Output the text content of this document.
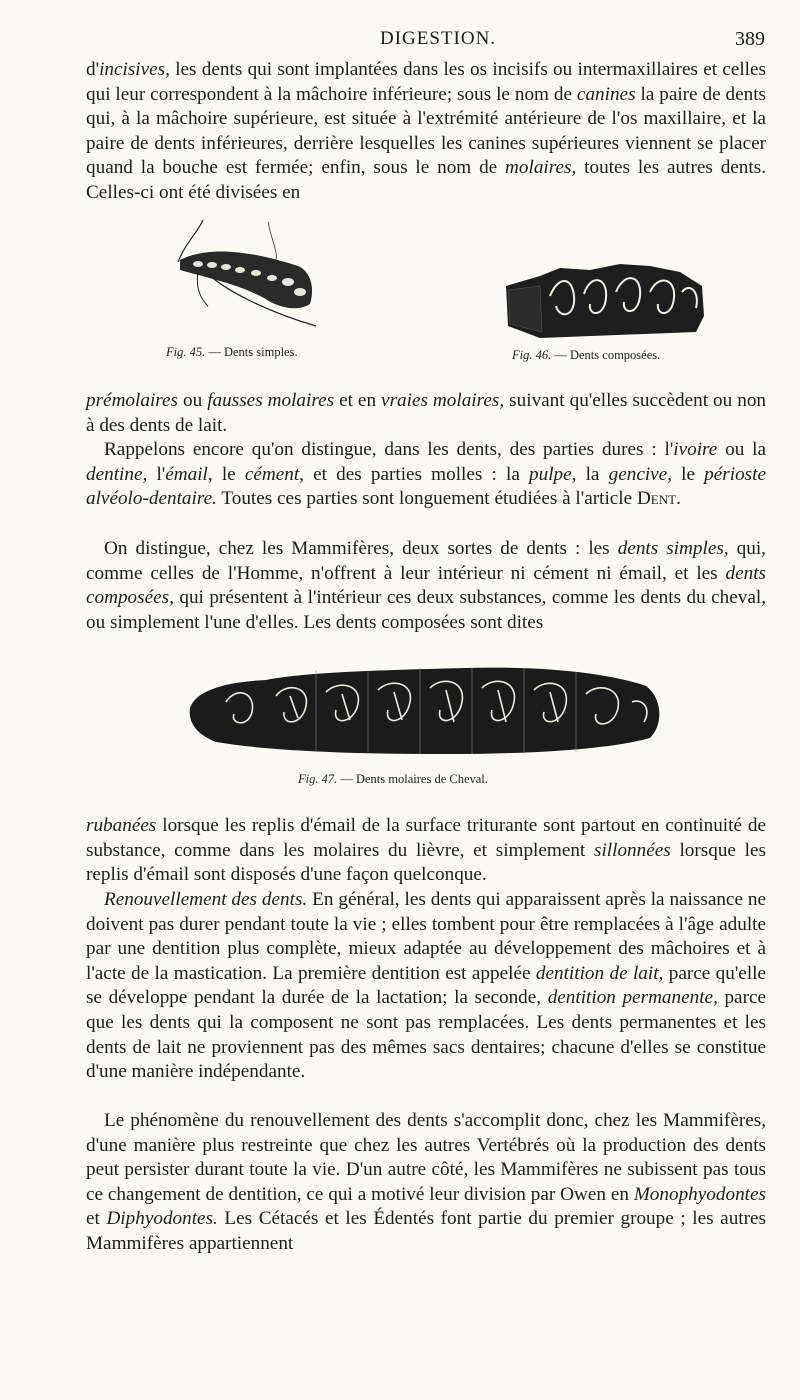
DIGESTION.	389

d'incisives, les dents qui sont implantées dans les os incisifs ou intermaxillaires et celles qui leur correspondent à la mâchoire inférieure; sous le nom de canines la paire de dents qui, à la mâchoire supérieure, est située à l'extrémité antérieure de l'os maxillaire, et la paire de dents inférieures, derrière lesquelles les canines supérieures viennent se placer quand la bouche est fermée; enfin, sous le nom de molaires, toutes les autres dents. Celles-ci ont été divisées en

Fig. 45. — Dents simples.	Fig. 46. — Dents composées.

prémolaires ou fausses molaires et en vraies molaires, suivant qu'elles succèdent ou non à des dents de lait.

Rappelons encore qu'on distingue, dans les dents, des parties dures : l'ivoire ou la dentine, l'émail, le cément, et des parties molles : la pulpe, la gencive, le périoste alvéolo-dentaire. Toutes ces parties sont longuement étudiées à l'article Dent.

On distingue, chez les Mammifères, deux sortes de dents : les dents simples, qui, comme celles de l'Homme, n'offrent à leur intérieur ni cément ni émail, et les dents composées, qui présentent à l'intérieur ces deux substances, comme les dents du cheval, ou simplement l'une d'elles. Les dents composées sont dites

Fig. 47. — Dents molaires de Cheval.

rubanées lorsque les replis d'émail de la surface triturante sont partout en continuité de substance, comme dans les molaires du lièvre, et simplement sillonnées lorsque les replis d'émail sont disposés d'une façon quelconque.

Renouvellement des dents. En général, les dents qui apparaissent après la naissance ne doivent pas durer pendant toute la vie ; elles tombent pour être remplacées à l'âge adulte par une dentition plus complète, mieux adaptée au développement des mâchoires et à l'acte de la mastication. La première dentition est appelée dentition de lait, parce qu'elle se développe pendant la durée de la lactation; la seconde, dentition permanente, parce que les dents qui la composent ne sont pas remplacées. Les dents permanentes et les dents de lait ne proviennent pas des mêmes sacs dentaires; chacune d'elles se constitue d'une manière indépendante.

Le phénomène du renouvellement des dents s'accomplit donc, chez les Mammifères, d'une manière plus restreinte que chez les autres Vertébrés où la production des dents peut persister durant toute la vie. D'un autre côté, les Mammifères ne subissent pas tous ce changement de dentition, ce qui a motivé leur division par Owen en Monophyodontes et Diphyodontes. Les Cétacés et les Édentés font partie du premier groupe ; les autres Mammifères appartiennent
